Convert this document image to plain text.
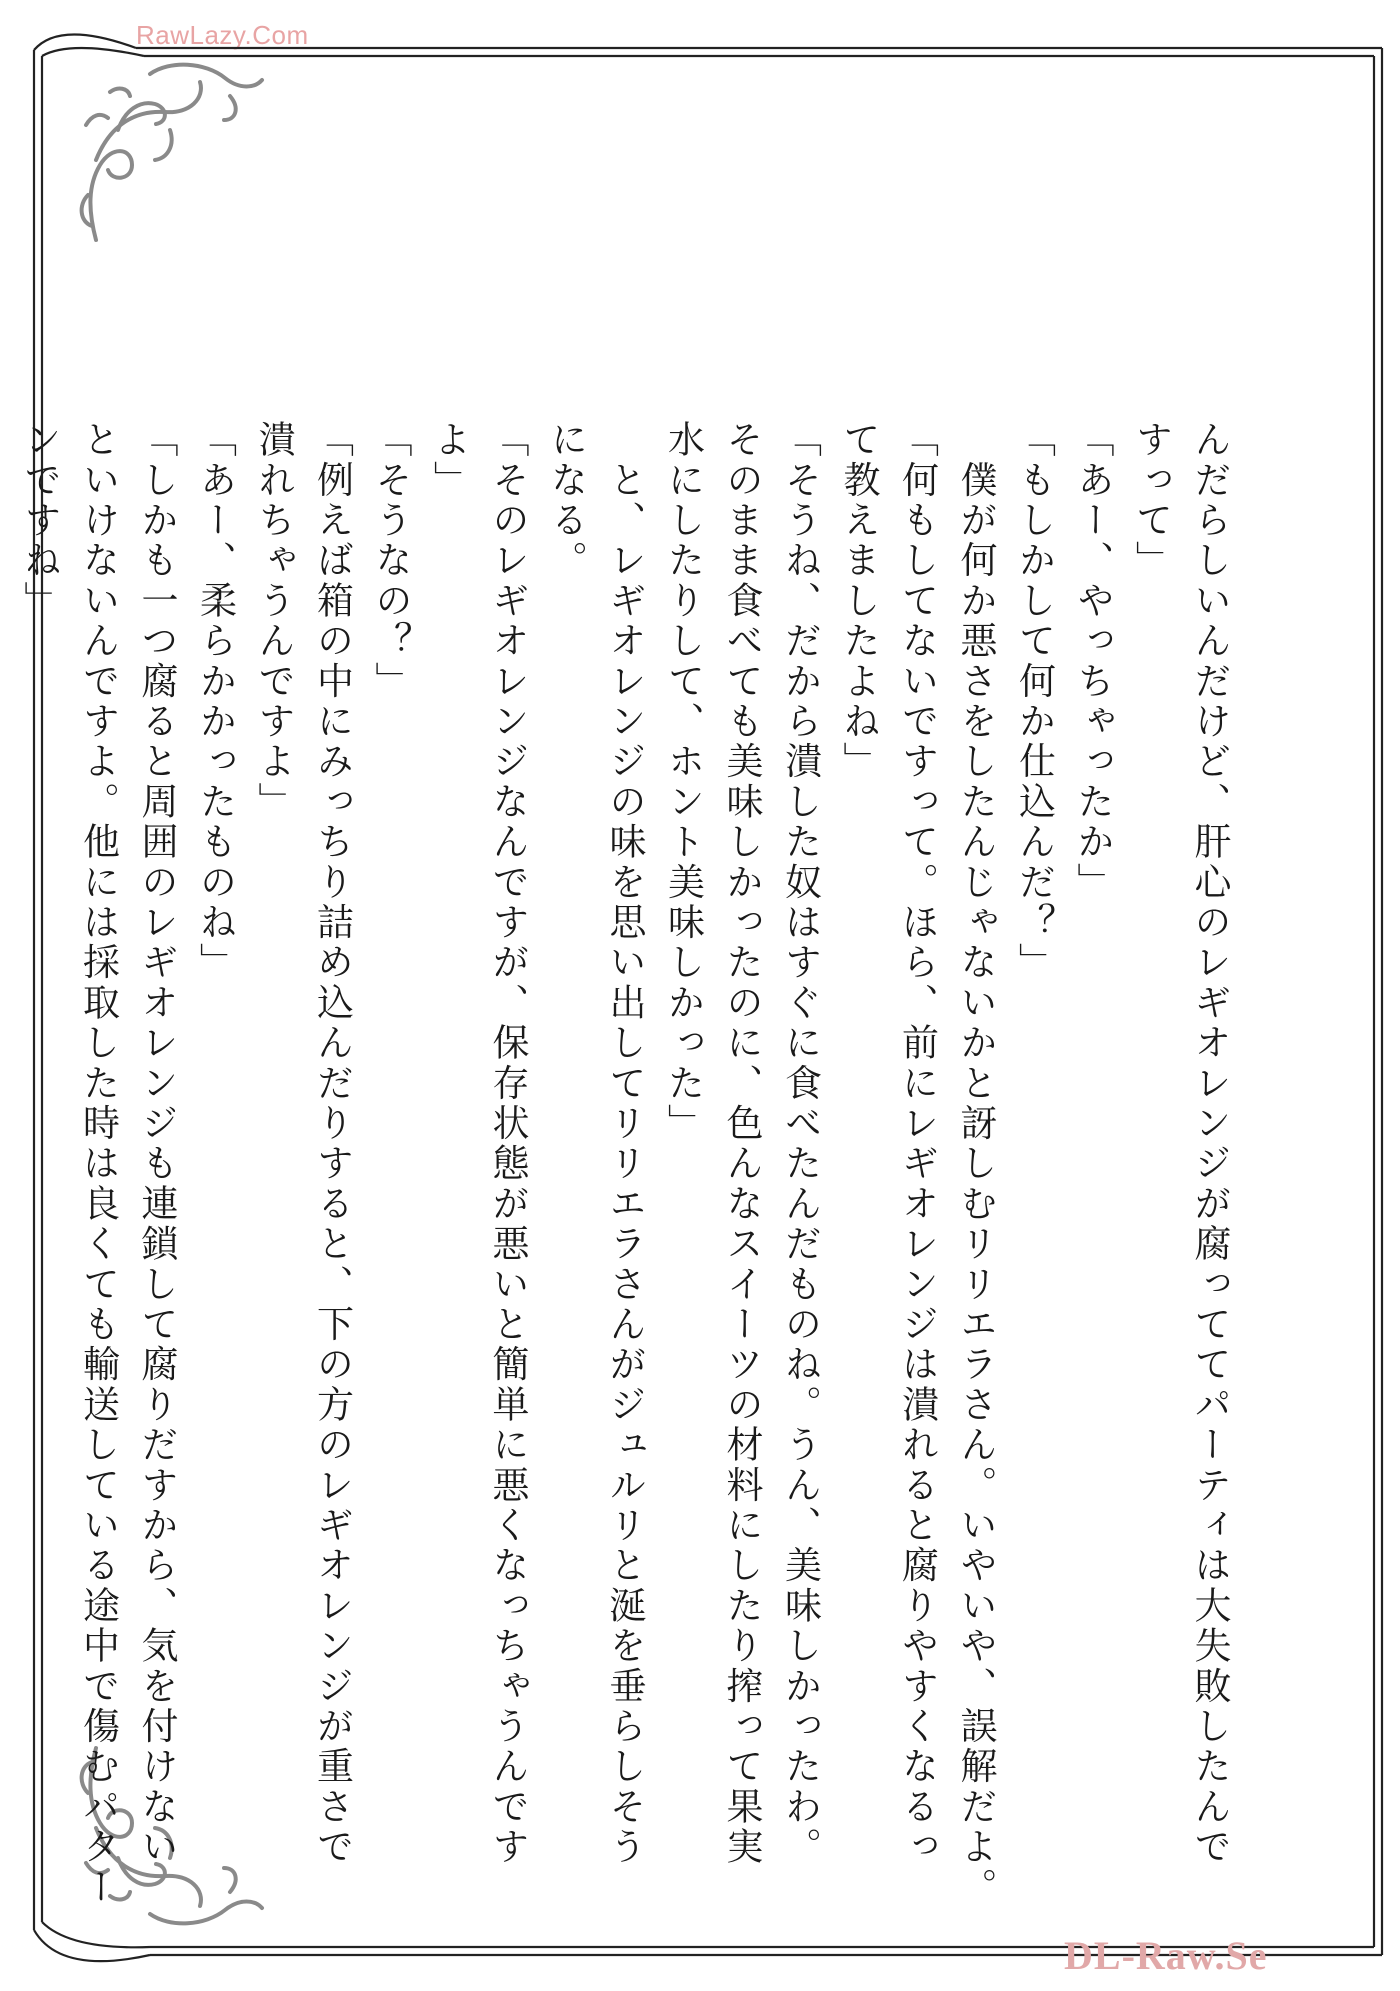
RawLazy.Com
んだらしいんだけど、肝心のレギオレンジが腐っててパーティは大失敗したんで
すって」
「あー、やっちゃったか」
「もしかして何か仕込んだ？」
　僕が何か悪さをしたんじゃないかと訝しむリリエラさん。いやいや、誤解だよ。
「何もしてないですって。ほら、前にレギオレンジは潰れると腐りやすくなるっ
て教えましたよね」
「そうね、だから潰した奴はすぐに食べたんだものね。うん、美味しかったわ。
そのまま食べても美味しかったのに、色んなスイーツの材料にしたり搾って果実
水にしたりして、ホント美味しかった」
　と、レギオレンジの味を思い出してリリエラさんがジュルリと涎を垂らしそう
になる。
「そのレギオレンジなんですが、保存状態が悪いと簡単に悪くなっちゃうんです
よ」
「そうなの？」
「例えば箱の中にみっちり詰め込んだりすると、下の方のレギオレンジが重さで
潰れちゃうんですよ」
「あー、柔らかかったものね」
「しかも一つ腐ると周囲のレギオレンジも連鎖して腐りだすから、気を付けない
といけないんですよ。他には採取した時は良くても輸送している途中で傷むパター
ンですね」
DL-Raw.Se
